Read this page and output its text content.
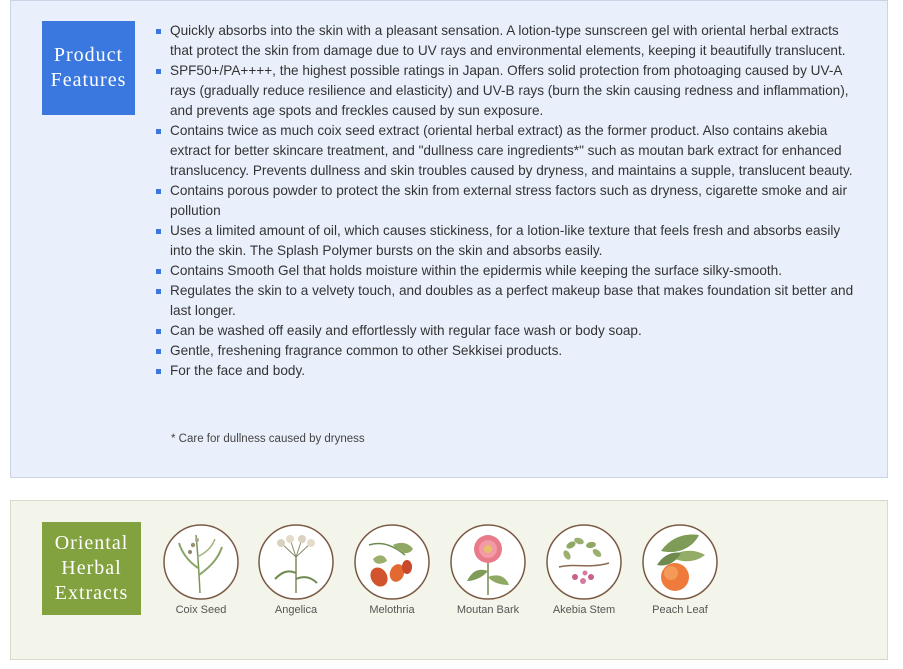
Product
Features
Quickly absorbs into the skin with a pleasant sensation. A lotion-type sunscreen gel with oriental herbal extracts that protect the skin from damage due to UV rays and environmental elements, keeping it beautifully translucent.
SPF50+/PA++++, the highest possible ratings in Japan. Offers solid protection from photoaging caused by UV-A rays (gradually reduce resilience and elasticity) and UV-B rays (burn the skin causing redness and inflammation), and prevents age spots and freckles caused by sun exposure.
Contains twice as much coix seed extract (oriental herbal extract) as the former product. Also contains akebia extract for better skincare treatment, and "dullness care ingredients*" such as moutan bark extract for enhanced translucency. Prevents dullness and skin troubles caused by dryness, and maintains a supple, translucent beauty.
Contains porous powder to protect the skin from external stress factors such as dryness, cigarette smoke and air pollution
Uses a limited amount of oil, which causes stickiness, for a lotion-like texture that feels fresh and absorbs easily into the skin. The Splash Polymer bursts on the skin and absorbs easily.
Contains Smooth Gel that holds moisture within the epidermis while keeping the surface silky-smooth.
Regulates the skin to a velvety touch, and doubles as a perfect makeup base that makes foundation sit better and last longer.
Can be washed off easily and effortlessly with regular face wash or body soap.
Gentle, freshening fragrance common to other Sekkisei products.
For the face and body.
* Care for dullness caused by dryness
Oriental
Herbal
Extracts
Coix Seed	Angelica	Melothria	Moutan Bark	Akebia Stem	Peach Leaf
